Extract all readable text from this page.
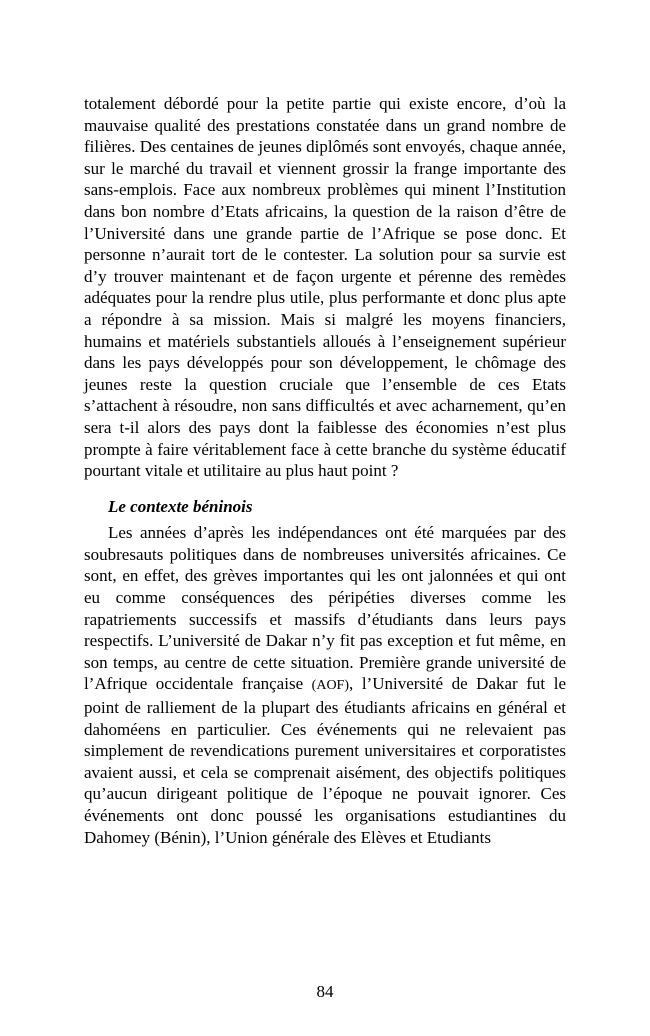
totalement débordé pour la petite partie qui existe encore, d’où la mauvaise qualité des prestations constatée dans un grand nombre de filières. Des centaines de jeunes diplômés sont envoyés, chaque année, sur le marché du travail et viennent grossir la frange importante des sans-emplois. Face aux nombreux problèmes qui minent l’Institution dans bon nombre d’Etats africains, la question de la raison d’être de l’Université dans une grande partie de l’Afrique se pose donc. Et personne n’aurait tort de le contester. La solution pour sa survie est d’y trouver maintenant et de façon urgente et pérenne des remèdes adéquates pour la rendre plus utile, plus performante et donc plus apte a répondre à sa mission. Mais si malgré les moyens financiers, humains et matériels substantiels alloués à l’enseignement supérieur dans les pays développés pour son développement, le chômage des jeunes reste la question cruciale que l’ensemble de ces Etats s’attachent à résoudre, non sans difficultés et avec acharnement, qu’en sera t-il alors des pays dont la faiblesse des économies n’est plus prompte à faire véritablement face à cette branche du système éducatif pourtant vitale et utilitaire au plus haut point ?

Le contexte béninois

Les années d’après les indépendances ont été marquées par des soubresauts politiques dans de nombreuses universités africaines. Ce sont, en effet, des grèves importantes qui les ont jalonnées et qui ont eu comme conséquences des péripéties diverses comme les rapatriements successifs et massifs d’étudiants dans leurs pays respectifs. L’université de Dakar n’y fit pas exception et fut même, en son temps, au centre de cette situation. Première grande université de l’Afrique occidentale française (AOF), l’Université de Dakar fut le point de ralliement de la plupart des étudiants africains en général et dahoméens en particulier. Ces événements qui ne relevaient pas simplement de revendications purement universitaires et corporatistes avaient aussi, et cela se comprenait aisément, des objectifs politiques qu’aucun dirigeant politique de l’époque ne pouvait ignorer. Ces événements ont donc poussé les organisations estudiantines du Dahomey (Bénin), l’Union générale des Elèves et Etudiants

84
